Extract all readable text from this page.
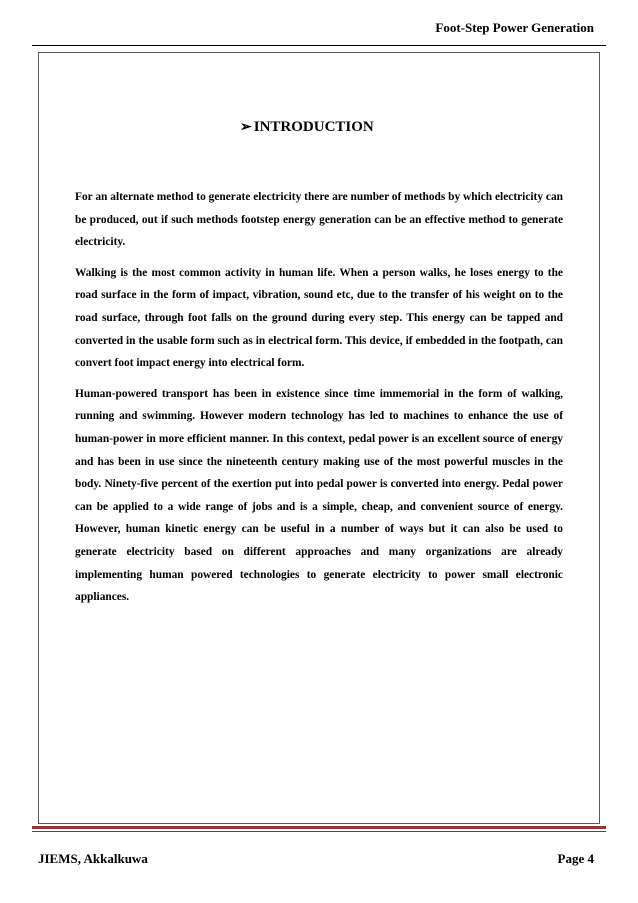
Foot-Step Power Generation
➢ INTRODUCTION

For an alternate method to generate electricity there are number of methods by which electricity can be produced, out if such methods footstep energy generation can be an effective method to generate electricity.

Walking is the most common activity in human life. When a person walks, he loses energy to the road surface in the form of impact, vibration, sound etc, due to the transfer of his weight on to the road surface, through foot falls on the ground during every step. This energy can be tapped and converted in the usable form such as in electrical form. This device, if embedded in the footpath, can convert foot impact energy into electrical form.

Human-powered transport has been in existence since time immemorial in the form of walking, running and swimming. However modern technology has led to machines to enhance the use of human-power in more efficient manner. In this context, pedal power is an excellent source of energy and has been in use since the nineteenth century making use of the most powerful muscles in the body. Ninety-five percent of the exertion put into pedal power is converted into energy. Pedal power can be applied to a wide range of jobs and is a simple, cheap, and convenient source of energy. However, human kinetic energy can be useful in a number of ways but it can also be used to generate electricity based on different approaches and many organizations are already implementing human powered technologies to generate electricity to power small electronic appliances.

JIEMS, Akkalkuwa	Page 4
